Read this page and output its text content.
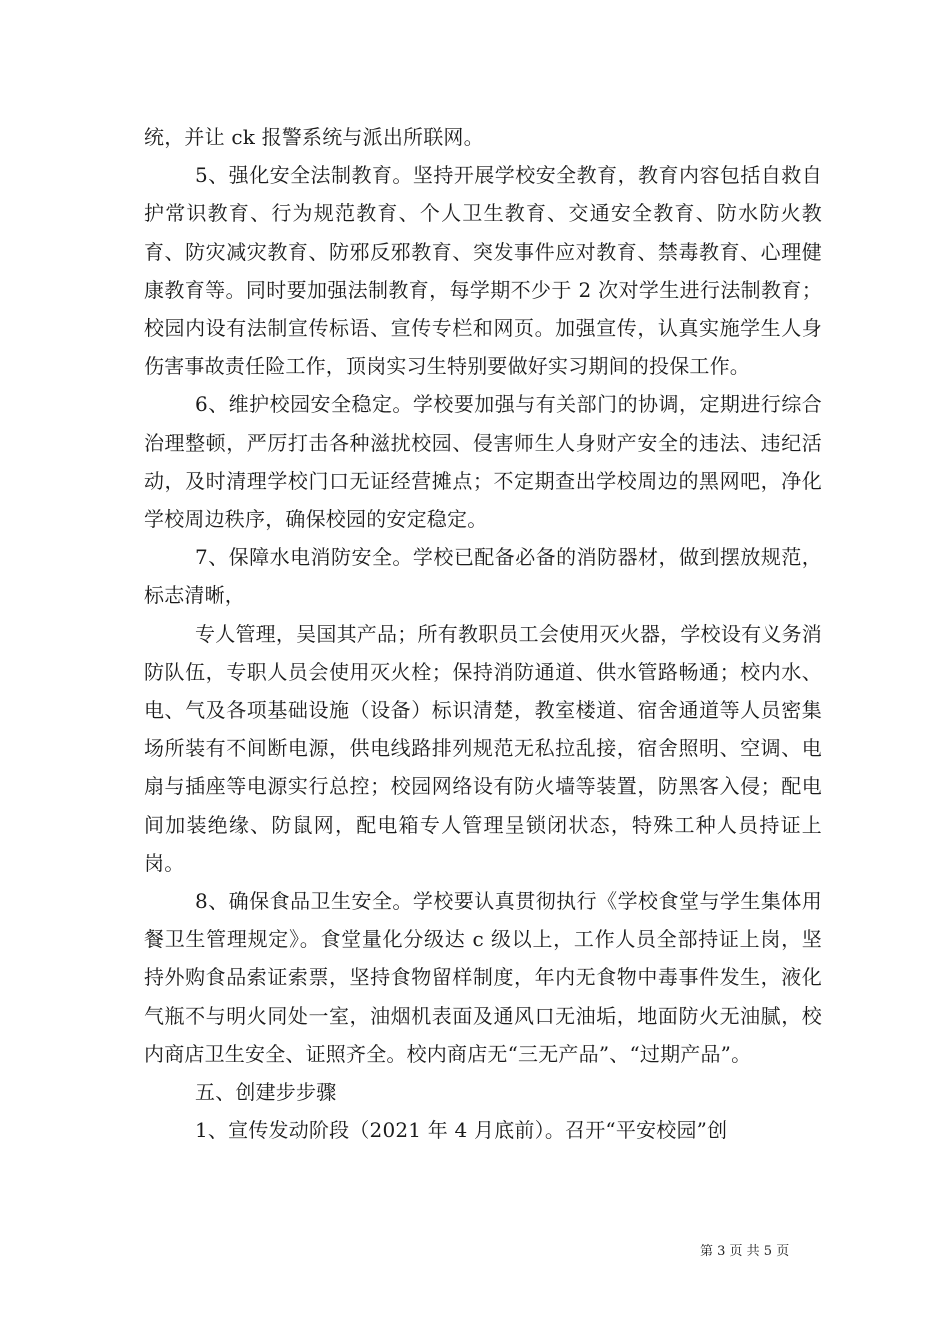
统，并让 ck 报警系统与派出所联网。

5、强化安全法制教育。坚持开展学校安全教育，教育内容包括自救自护常识教育、行为规范教育、个人卫生教育、交通安全教育、防水防火教育、防灾减灾教育、防邪反邪教育、突发事件应对教育、禁毒教育、心理健康教育等。同时要加强法制教育，每学期不少于 2 次对学生进行法制教育；校园内设有法制宣传标语、宣传专栏和网页。加强宣传，认真实施学生人身伤害事故责任险工作，顶岗实习生特别要做好实习期间的投保工作。

6、维护校园安全稳定。学校要加强与有关部门的协调，定期进行综合治理整顿，严厉打击各种滋扰校园、侵害师生人身财产安全的违法、违纪活动，及时清理学校门口无证经营摊点；不定期查出学校周边的黑网吧，净化学校周边秩序，确保校园的安定稳定。

7、保障水电消防安全。学校已配备必备的消防器材，做到摆放规范，标志清晰，

专人管理，吴国其产品；所有教职员工会使用灭火器，学校设有义务消防队伍，专职人员会使用灭火栓；保持消防通道、供水管路畅通；校内水、电、气及各项基础设施（设备）标识清楚，教室楼道、宿舍通道等人员密集场所装有不间断电源，供电线路排列规范无私拉乱接，宿舍照明、空调、电扇与插座等电源实行总控；校园网络设有防火墙等装置，防黑客入侵；配电间加装绝缘、防鼠网，配电箱专人管理呈锁闭状态，特殊工种人员持证上岗。

8、确保食品卫生安全。学校要认真贯彻执行《学校食堂与学生集体用餐卫生管理规定》。食堂量化分级达 c 级以上，工作人员全部持证上岗，坚持外购食品索证索票，坚持食物留样制度，年内无食物中毒事件发生，液化气瓶不与明火同处一室，油烟机表面及通风口无油垢，地面防火无油腻，校内商店卫生安全、证照齐全。校内商店无“三无产品”、“过期产品”。

五、创建步步骤

1、宣传发动阶段（2021 年 4 月底前）。召开“平安校园”创

第 3 页 共 5 页
